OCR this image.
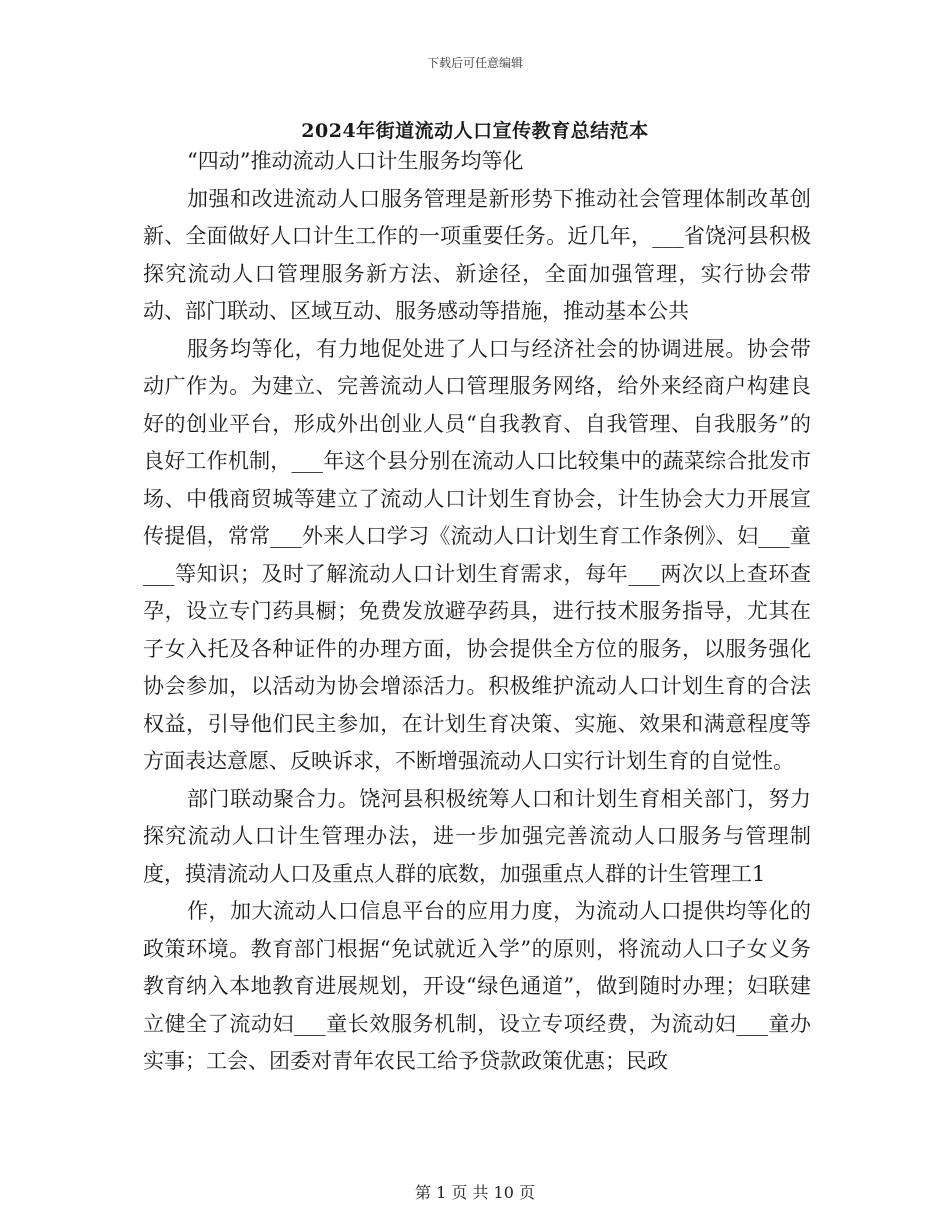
下载后可任意编辑
2024年街道流动人口宣传教育总结范本

“四动”推动流动人口计生服务均等化

加强和改进流动人口服务管理是新形势下推动社会管理体制改革创新、全面做好人口计生工作的一项重要任务。近几年，___省饶河县积极探究流动人口管理服务新方法、新途径，全面加强管理，实行协会带动、部门联动、区域互动、服务感动等措施，推动基本公共

服务均等化，有力地促处进了人口与经济社会的协调进展。协会带动广作为。为建立、完善流动人口管理服务网络，给外来经商户构建良好的创业平台，形成外出创业人员“自我教育、自我管理、自我服务”的良好工作机制，___年这个县分别在流动人口比较集中的蔬菜综合批发市场、中俄商贸城等建立了流动人口计划生育协会，计生协会大力开展宣传提倡，常常___外来人口学习《流动人口计划生育工作条例》、妇___童___等知识；及时了解流动人口计划生育需求，每年___两次以上查环查孕，设立专门药具橱；免费发放避孕药具，进行技术服务指导，尤其在子女入托及各种证件的办理方面，协会提供全方位的服务，以服务强化协会参加，以活动为协会增添活力。积极维护流动人口计划生育的合法权益，引导他们民主参加，在计划生育决策、实施、效果和满意程度等方面表达意愿、反映诉求，不断增强流动人口实行计划生育的自觉性。

部门联动聚合力。饶河县积极统筹人口和计划生育相关部门，努力探究流动人口计生管理办法，进一步加强完善流动人口服务与管理制度，摸清流动人口及重点人群的底数，加强重点人群的计生管理工1

作，加大流动人口信息平台的应用力度，为流动人口提供均等化的政策环境。教育部门根据“免试就近入学”的原则，将流动人口子女义务教育纳入本地教育进展规划，开设“绿色通道”，做到随时办理；妇联建立健全了流动妇___童长效服务机制，设立专项经费，为流动妇___童办实事；工会、团委对青年农民工给予贷款政策优惠；民政

第 1 页 共 10 页
